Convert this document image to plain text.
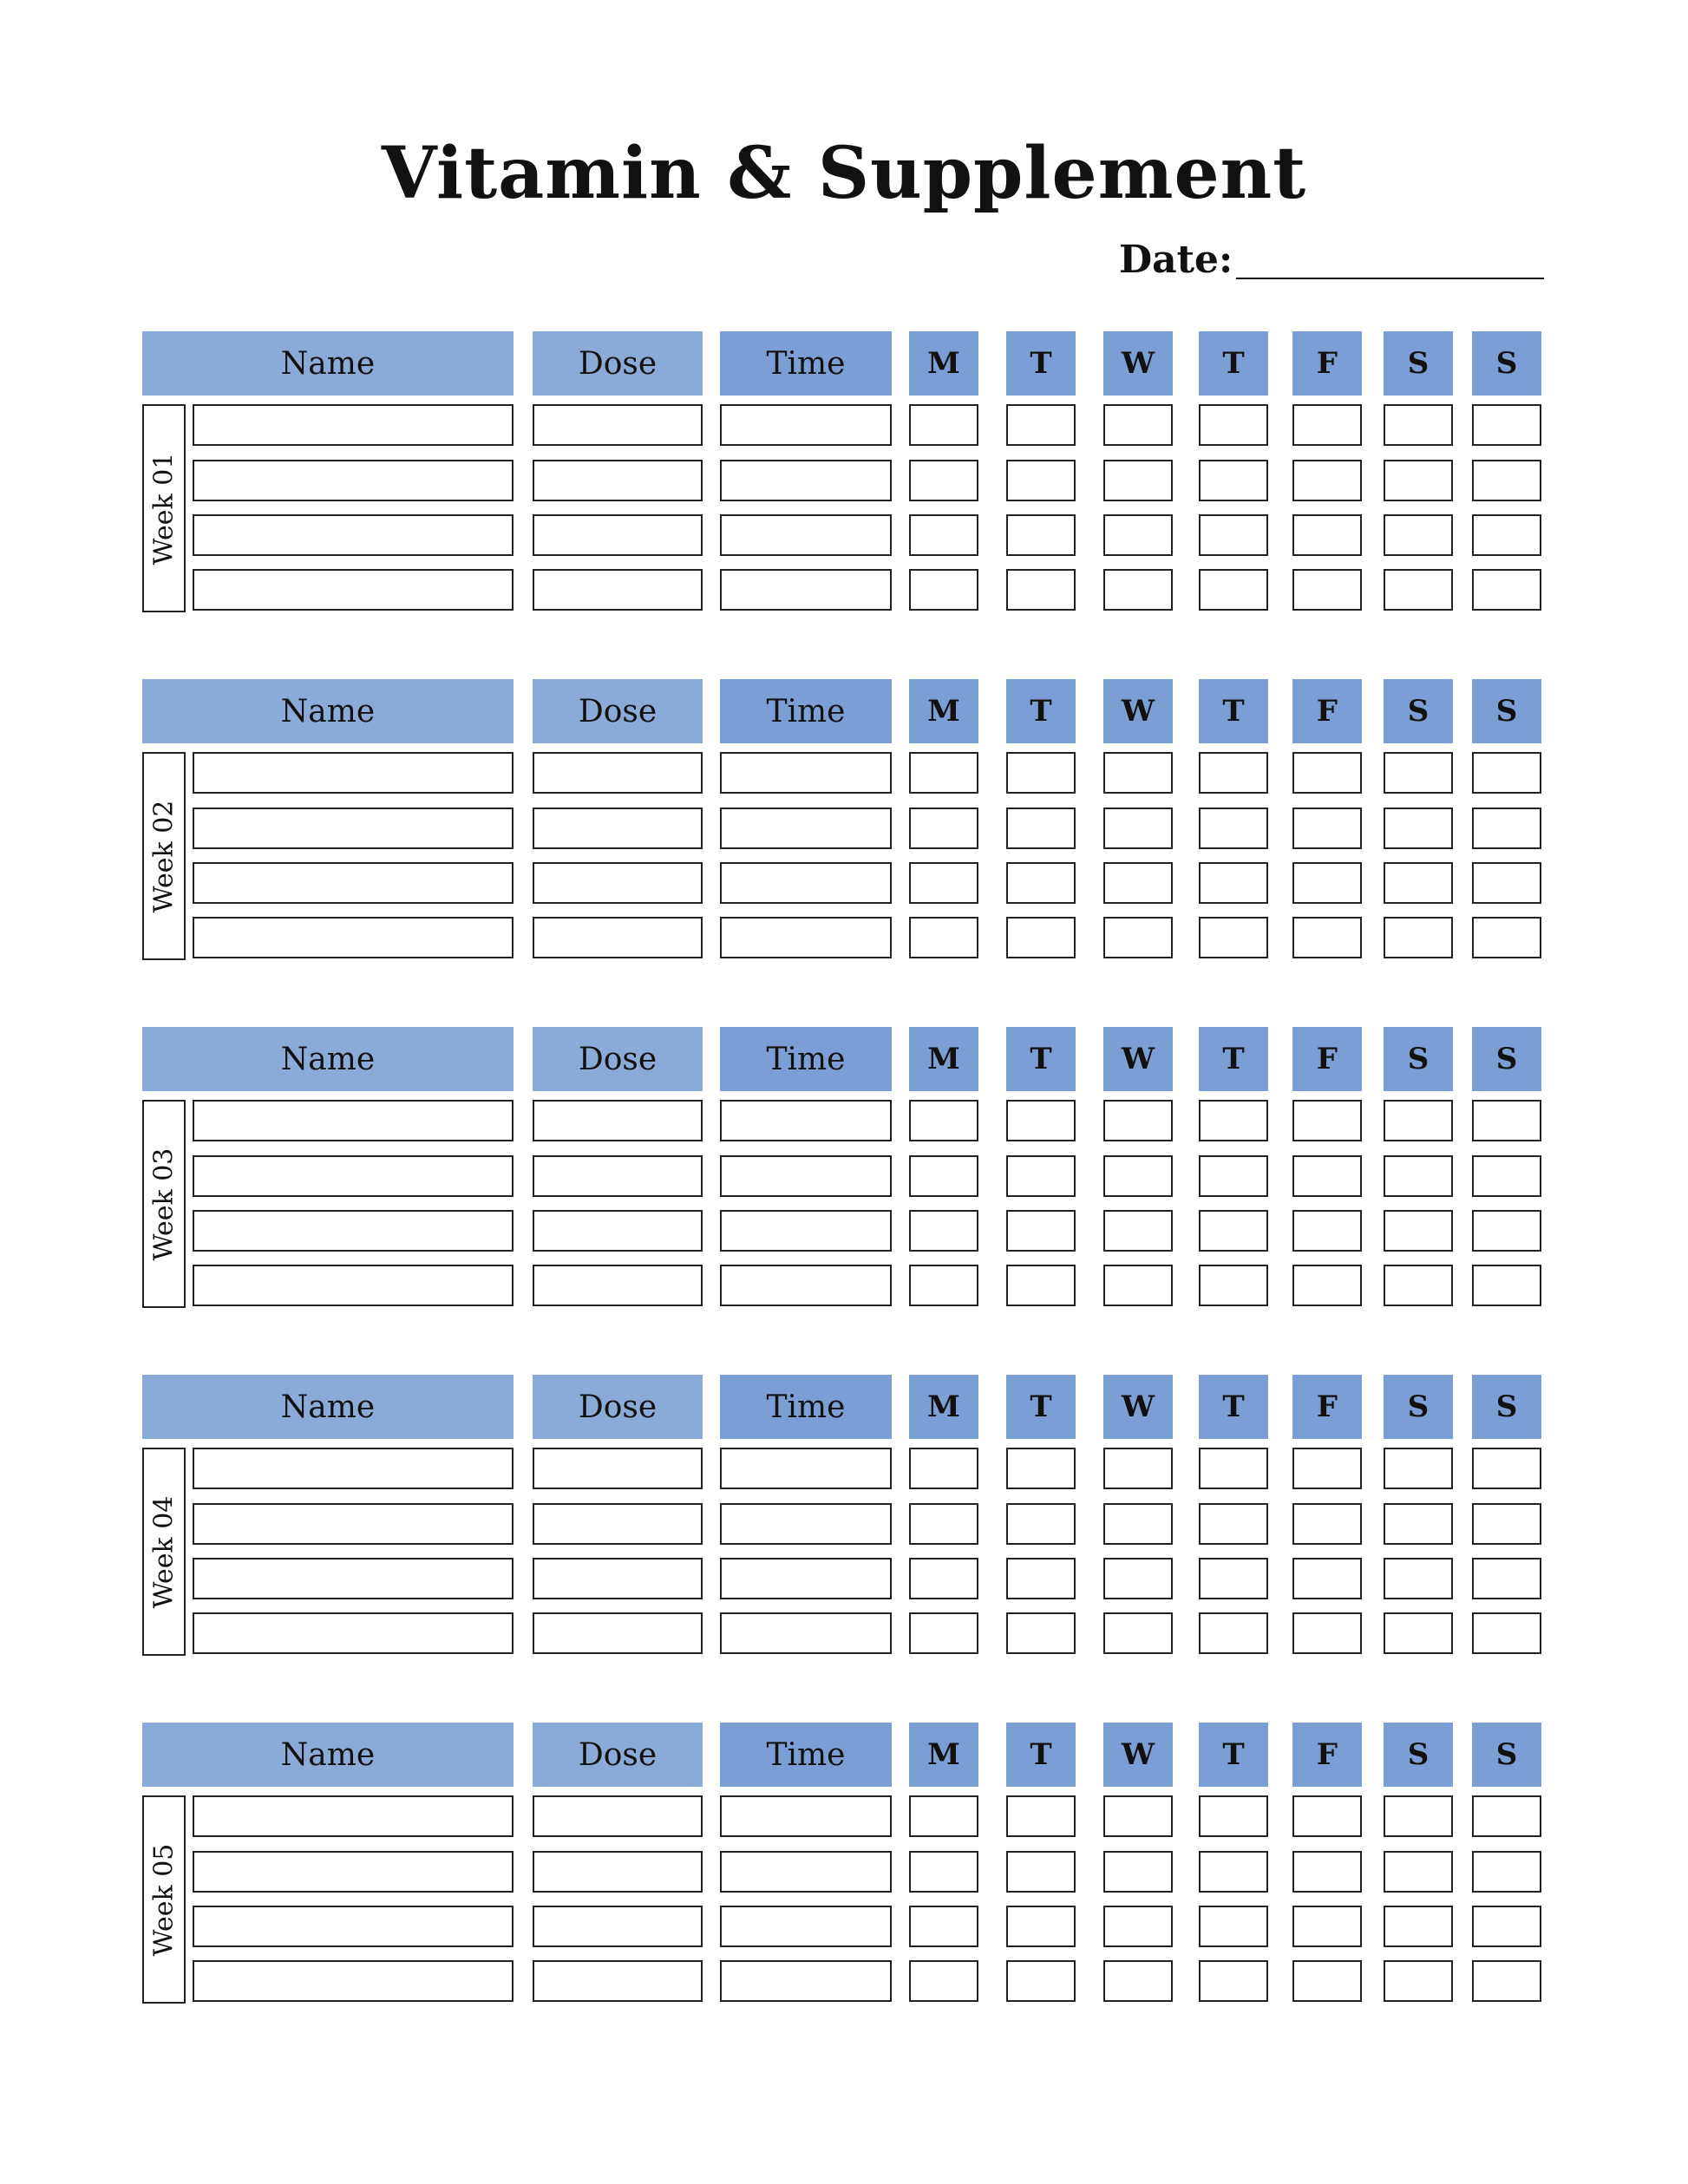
Vitamin & Supplement
Date:
Name	Dose	Time	M	T	W	T	F	S	S
Week 01
Name	Dose	Time	M	T	W	T	F	S	S
Week 02
Name	Dose	Time	M	T	W	T	F	S	S
Week 03
Name	Dose	Time	M	T	W	T	F	S	S
Week 04
Name	Dose	Time	M	T	W	T	F	S	S
Week 05
